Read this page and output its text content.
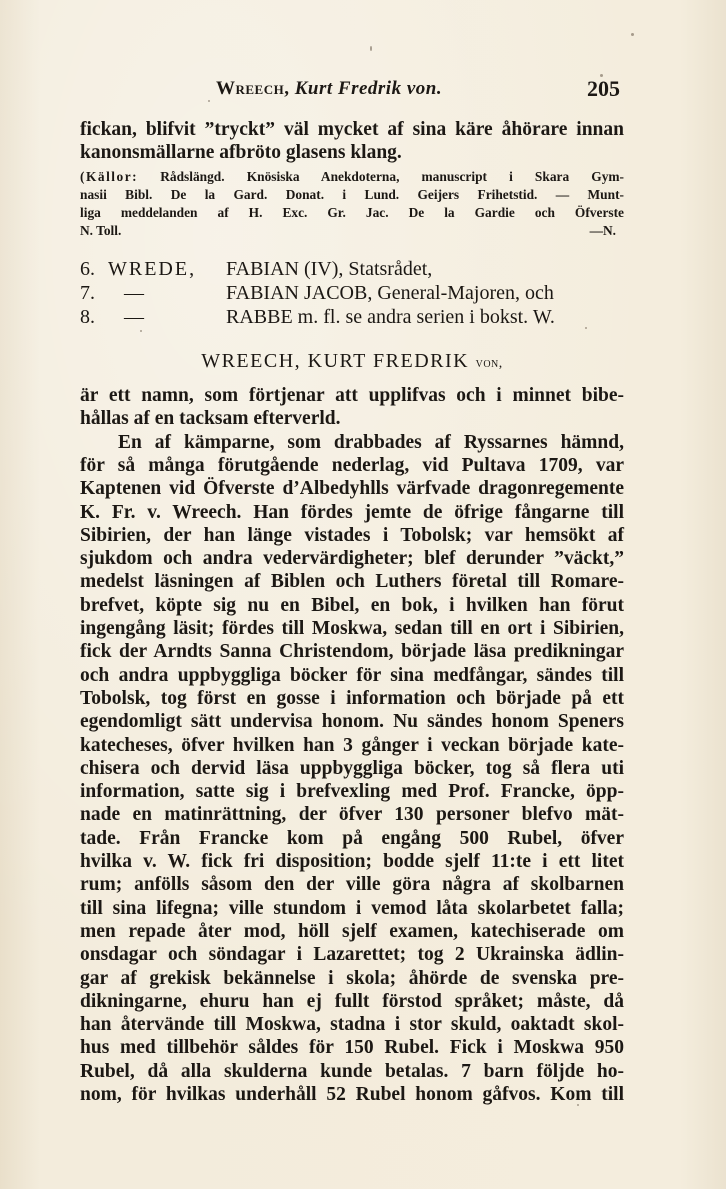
Wreech, Kurt Fredrik von.	205
fickan, blifvit ”tryckt” väl mycket af sina käre åhörare innan
kanonsmällarne afbröto glasens klang.
(Källor: Rådslängd. Knösiska Anekdoterna, manuscript i Skara Gym-
nasii Bibl. De la Gard. Donat. i Lund. Geijers Frihetstid. — Munt-
liga meddelanden af H. Exc. Gr. Jac. De la Gardie och Öfverste
N. Toll.	—N.
6. WREDE, FABIAN (IV), Statsrådet,
7. —	FABIAN JACOB, General-Majoren, och
8. —	RABBE m. fl. se andra serien i bokst. W.
WREECH, KURT FREDRIK von,
är ett namn, som förtjenar att upplifvas och i minnet bibe-
hållas af en tacksam efterverld.
En af kämparne, som drabbades af Ryssarnes hämnd,
för så många förutgående nederlag, vid Pultava 1709, var
Kaptenen vid Öfverste d’Albedyhlls värfvade dragonregemente
K. Fr. v. Wreech. Han fördes jemte de öfrige fångarne till
Sibirien, der han länge vistades i Tobolsk; var hemsökt af
sjukdom och andra vedervärdigheter; blef derunder ”väckt,”
medelst läsningen af Biblen och Luthers företal till Romare-
brefvet, köpte sig nu en Bibel, en bok, i hvilken han förut
ingengång läsit; fördes till Moskwa, sedan till en ort i Sibirien,
fick der Arndts Sanna Christendom, började läsa predikningar
och andra uppbyggliga böcker för sina medfångar, sändes till
Tobolsk, tog först en gosse i information och började på ett
egendomligt sätt undervisa honom. Nu sändes honom Speners
katecheses, öfver hvilken han 3 gånger i veckan började kate-
chisera och dervid läsa uppbyggliga böcker, tog så flera uti
information, satte sig i brefvexling med Prof. Francke, öpp-
nade en matinrättning, der öfver 130 personer blefvo mät-
tade. Från Francke kom på engång 500 Rubel, öfver
hvilka v. W. fick fri disposition; bodde sjelf 11:te i ett litet
rum; anfölls såsom den der ville göra några af skolbarnen
till sina lifegna; ville stundom i vemod låta skolarbetet falla;
men repade åter mod, höll sjelf examen, katechiserade om
onsdagar och söndagar i Lazarettet; tog 2 Ukrainska ädlin-
gar af grekisk bekännelse i skola; åhörde de svenska pre-
dikningarne, ehuru han ej fullt förstod språket; måste, då
han återvände till Moskwa, stadna i stor skuld, oaktadt skol-
hus med tillbehör såldes för 150 Rubel. Fick i Moskwa 950
Rubel, då alla skulderna kunde betalas. 7 barn följde ho-
nom, för hvilkas underhåll 52 Rubel honom gåfvos. Kom till
